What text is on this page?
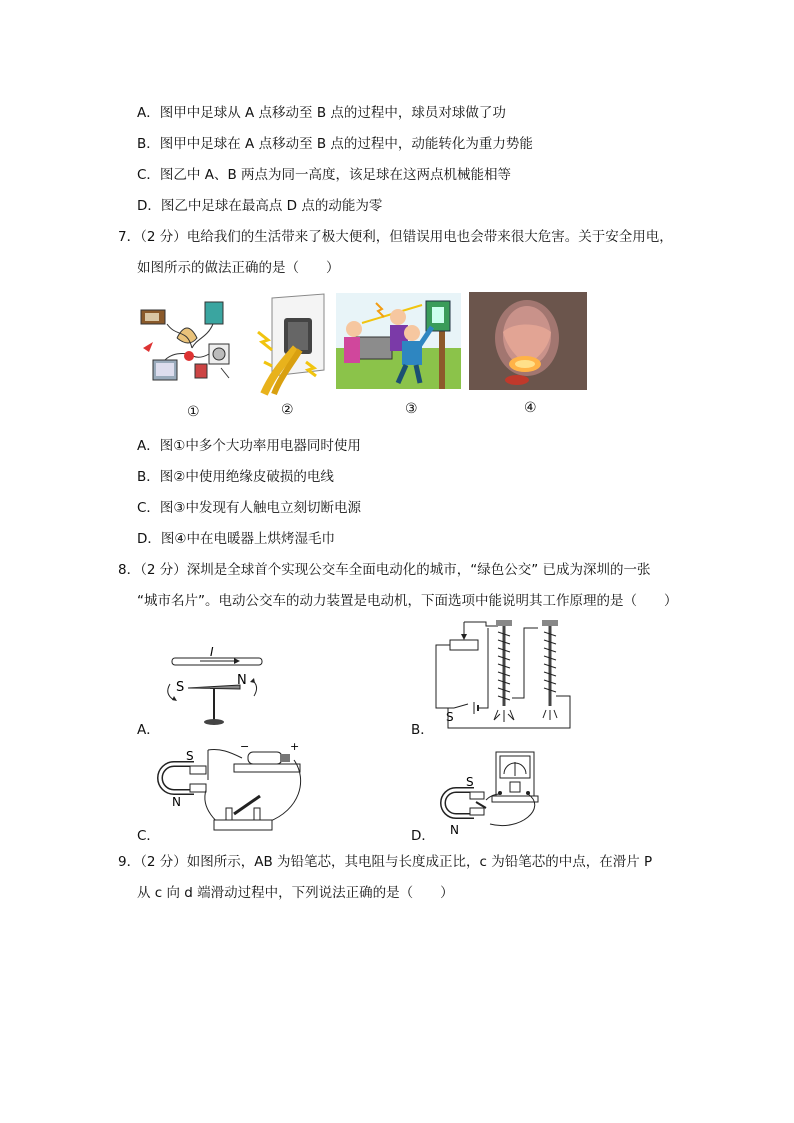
A．图甲中足球从 A 点移动至 B 点的过程中，球员对球做了功
B．图甲中足球在 A 点移动至 B 点的过程中，动能转化为重力势能
C．图乙中 A、B 两点为同一高度，该足球在这两点机械能相等
D．图乙中足球在最高点 D 点的动能为零
7．（2 分）电给我们的生活带来了极大便利，但错误用电也会带来很大危害。关于安全用电，
如图所示的做法正确的是（　　）
①	②	③	④
A．图①中多个大功率用电器同时使用
B．图②中使用绝缘皮破损的电线
C．图③中发现有人触电立刻切断电源
D．图④中在电暖器上烘烤湿毛巾
8．（2 分）深圳是全球首个实现公交车全面电动化的城市，“绿色公交” 已成为深圳的一张
“城市名片”。电动公交车的动力装置是电动机，下面选项中能说明其工作原理的是（　　）
I
S	N
A．
S
B．
S
N
−	+
C．
S
N
D．
9．（2 分）如图所示，AB 为铅笔芯，其电阻与长度成正比，c 为铅笔芯的中点，在滑片 P
从 c 向 d 端滑动过程中，下列说法正确的是（　　）
